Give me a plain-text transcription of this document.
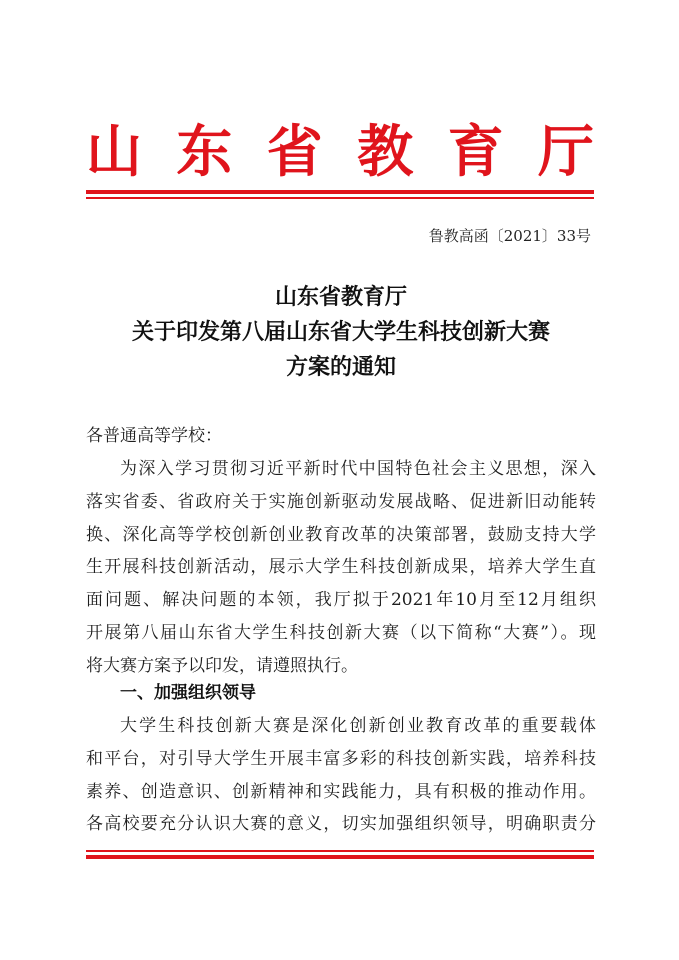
山东省教育厅
鲁教高函〔2021〕33号
山东省教育厅
关于印发第八届山东省大学生科技创新大赛
方案的通知
各普通高等学校：
为深入学习贯彻习近平新时代中国特色社会主义思想，深入
落实省委、省政府关于实施创新驱动发展战略、促进新旧动能转
换、深化高等学校创新创业教育改革的决策部署，鼓励支持大学
生开展科技创新活动，展示大学生科技创新成果，培养大学生直
面问题、解决问题的本领，我厅拟于2021年10月至12月组织
开展第八届山东省大学生科技创新大赛（以下简称“大赛”）。现
将大赛方案予以印发，请遵照执行。
一、加强组织领导
大学生科技创新大赛是深化创新创业教育改革的重要载体
和平台，对引导大学生开展丰富多彩的科技创新实践，培养科技
素养、创造意识、创新精神和实践能力，具有积极的推动作用。
各高校要充分认识大赛的意义，切实加强组织领导，明确职责分
